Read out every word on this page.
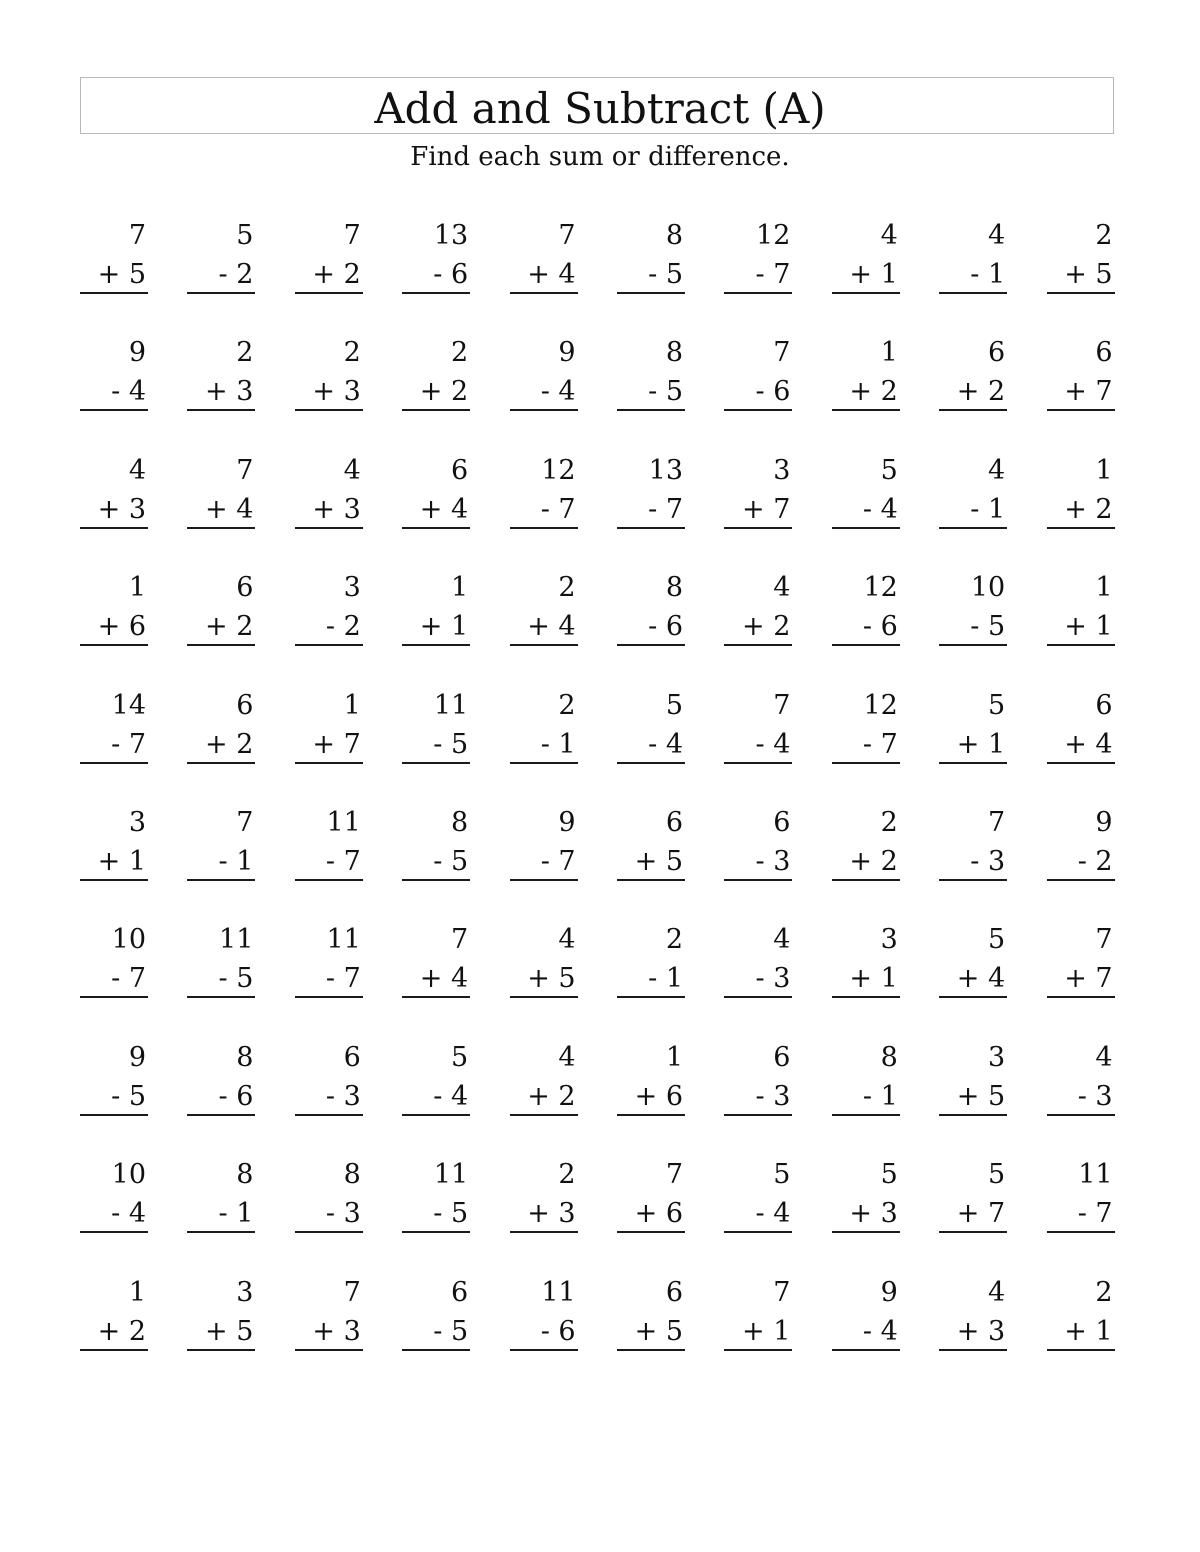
Add and Subtract (A)
Find each sum or difference.
7
+ 5
5
- 2
7
+ 2
13
- 6
7
+ 4
8
- 5
12
- 7
4
+ 1
4
- 1
2
+ 5
9
- 4
2
+ 3
2
+ 3
2
+ 2
9
- 4
8
- 5
7
- 6
1
+ 2
6
+ 2
6
+ 7
4
+ 3
7
+ 4
4
+ 3
6
+ 4
12
- 7
13
- 7
3
+ 7
5
- 4
4
- 1
1
+ 2
1
+ 6
6
+ 2
3
- 2
1
+ 1
2
+ 4
8
- 6
4
+ 2
12
- 6
10
- 5
1
+ 1
14
- 7
6
+ 2
1
+ 7
11
- 5
2
- 1
5
- 4
7
- 4
12
- 7
5
+ 1
6
+ 4
3
+ 1
7
- 1
11
- 7
8
- 5
9
- 7
6
+ 5
6
- 3
2
+ 2
7
- 3
9
- 2
10
- 7
11
- 5
11
- 7
7
+ 4
4
+ 5
2
- 1
4
- 3
3
+ 1
5
+ 4
7
+ 7
9
- 5
8
- 6
6
- 3
5
- 4
4
+ 2
1
+ 6
6
- 3
8
- 1
3
+ 5
4
- 3
10
- 4
8
- 1
8
- 3
11
- 5
2
+ 3
7
+ 6
5
- 4
5
+ 3
5
+ 7
11
- 7
1
+ 2
3
+ 5
7
+ 3
6
- 5
11
- 6
6
+ 5
7
+ 1
9
- 4
4
+ 3
2
+ 1
